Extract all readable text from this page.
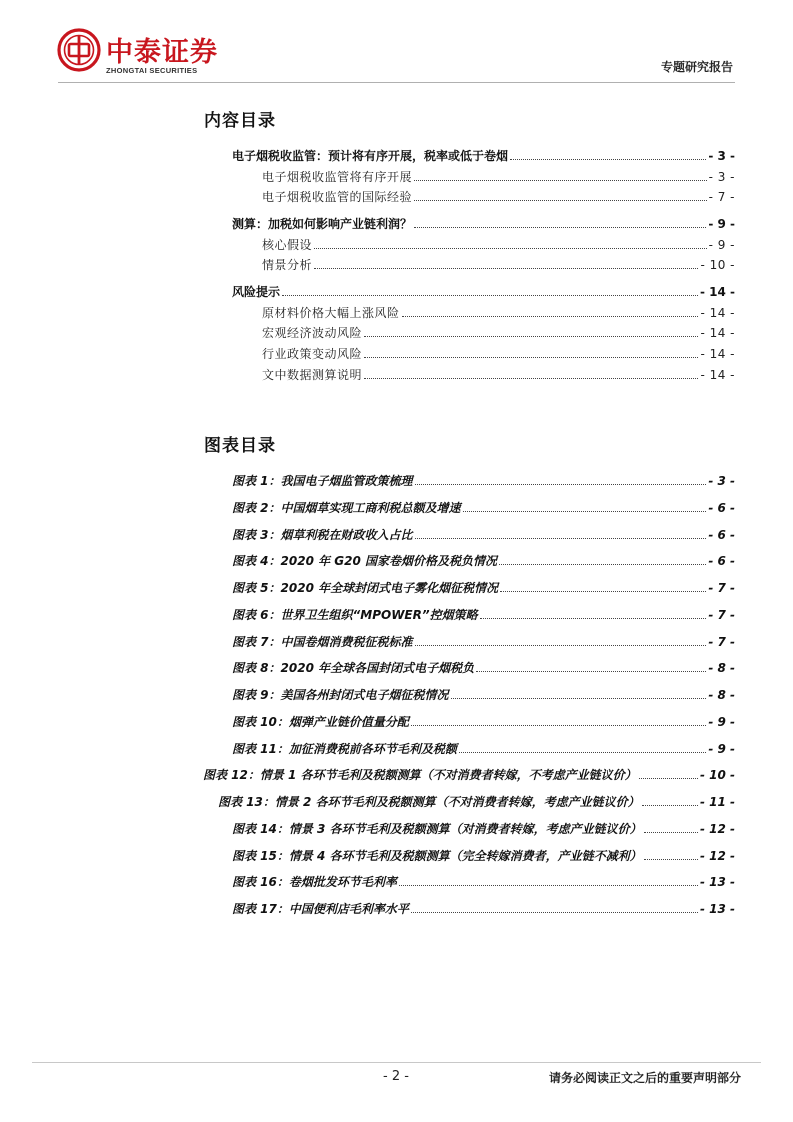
中泰证券
ZHONGTAI SECURITIES	专题研究报告
内容目录
电子烟税收监管：预计将有序开展，税率或低于卷烟	- 3 -
电子烟税收监管将有序开展	- 3 -
电子烟税收监管的国际经验	- 7 -
测算：加税如何影响产业链利润？	- 9 -
核心假设	- 9 -
情景分析	- 10 -
风险提示	- 14 -
原材料价格大幅上涨风险	- 14 -
宏观经济波动风险	- 14 -
行业政策变动风险	- 14 -
文中数据测算说明	- 14 -
图表目录
图表 1：我国电子烟监管政策梳理	- 3 -
图表 2：中国烟草实现工商利税总额及增速	- 6 -
图表 3：烟草利税在财政收入占比	- 6 -
图表 4：2020 年 G20 国家卷烟价格及税负情况	- 6 -
图表 5：2020 年全球封闭式电子雾化烟征税情况	- 7 -
图表 6：世界卫生组织“MPOWER”控烟策略	- 7 -
图表 7：中国卷烟消费税征税标准	- 7 -
图表 8：2020 年全球各国封闭式电子烟税负	- 8 -
图表 9：美国各州封闭式电子烟征税情况	- 8 -
图表 10：烟弹产业链价值量分配	- 9 -
图表 11：加征消费税前各环节毛利及税额	- 9 -
图表 12：情景 1 各环节毛利及税额测算（不对消费者转嫁，不考虑产业链议价）	- 10 -
图表 13：情景 2 各环节毛利及税额测算（不对消费者转嫁，考虑产业链议价）	- 11 -
图表 14：情景 3 各环节毛利及税额测算（对消费者转嫁，考虑产业链议价）	- 12 -
图表 15：情景 4 各环节毛利及税额测算（完全转嫁消费者，产业链不减利）	- 12 -
图表 16：卷烟批发环节毛利率	- 13 -
图表 17：中国便利店毛利率水平	- 13 -
- 2 -	请务必阅读正文之后的重要声明部分
